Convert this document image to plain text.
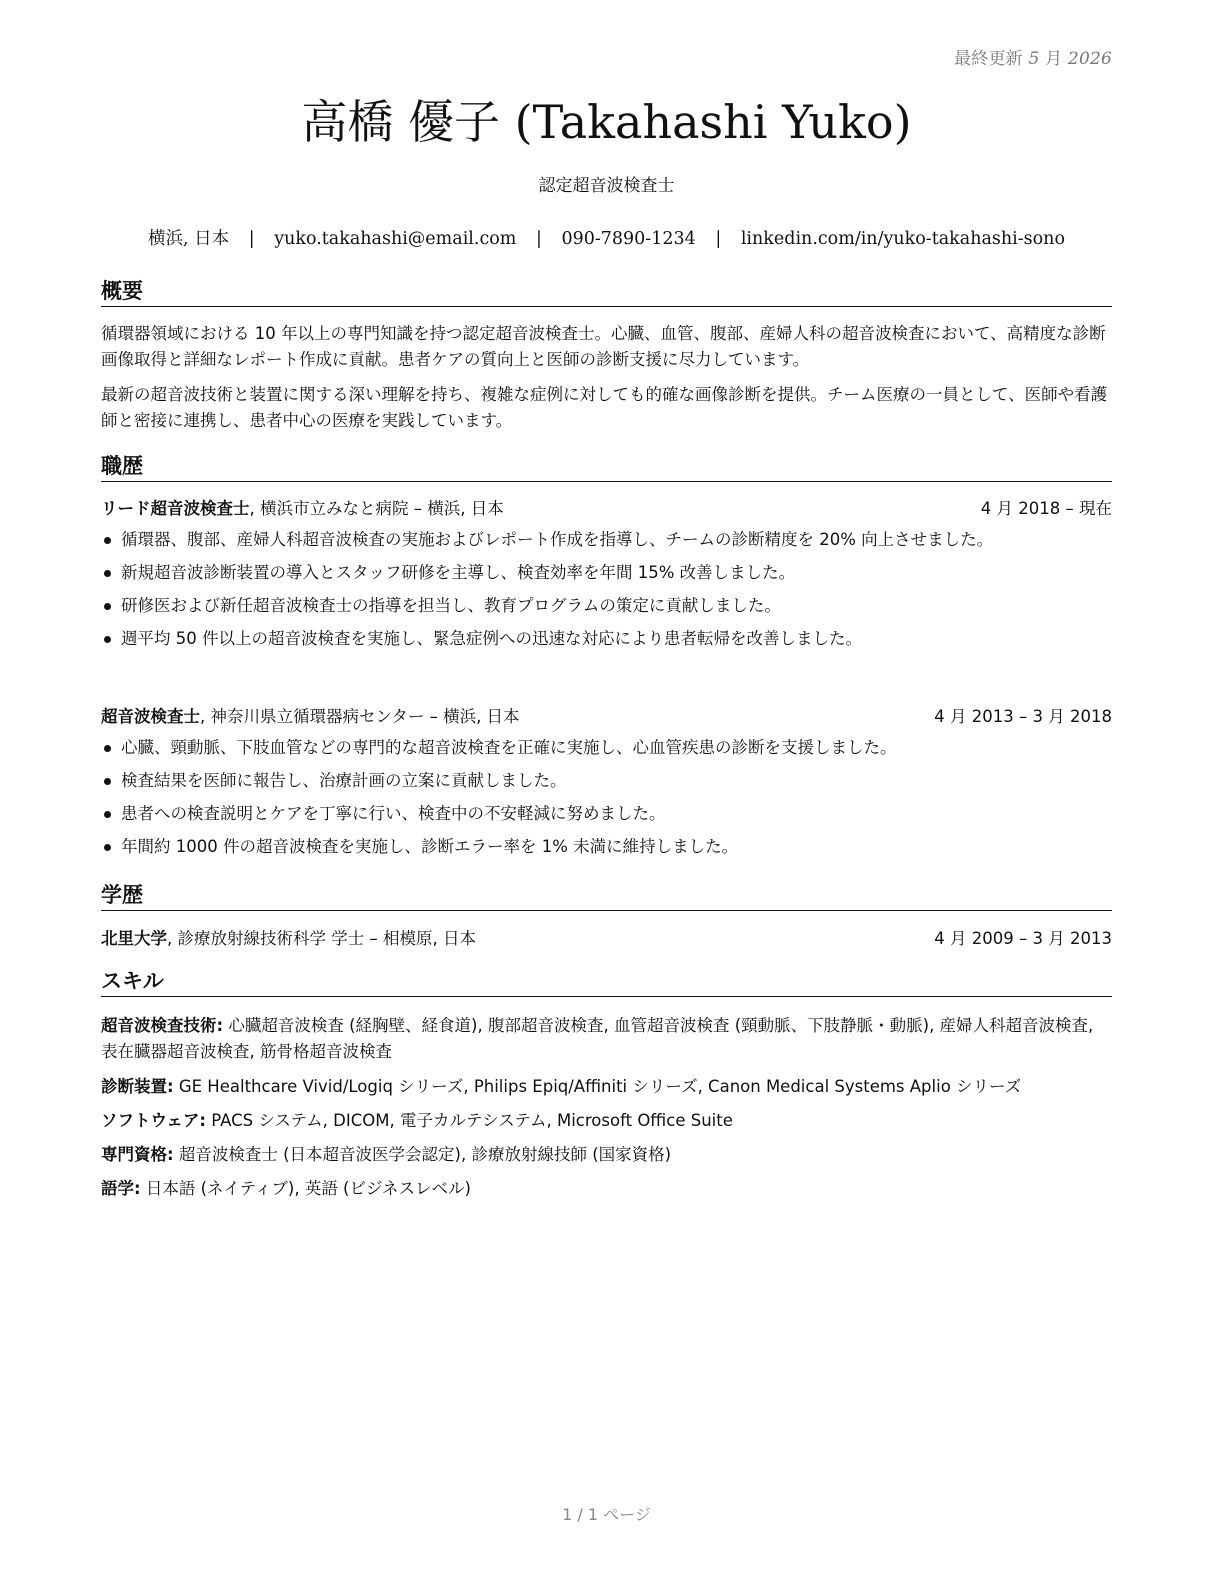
最終更新 5 月 2026
高橋 優子 (Takahashi Yuko)
認定超音波検査士
横浜, 日本 | yuko.takahashi@email.com | 090-7890-1234 | linkedin.com/in/yuko-takahashi-sono
概要
循環器領域における 10 年以上の専門知識を持つ認定超音波検査士。心臓、血管、腹部、産婦人科の超音波検査において、高精度な診断画像取得と詳細なレポート作成に貢献。患者ケアの質向上と医師の診断支援に尽力しています。
最新の超音波技術と装置に関する深い理解を持ち、複雑な症例に対しても的確な画像診断を提供。チーム医療の一員として、医師や看護師と密接に連携し、患者中心の医療を実践しています。
職歴
リード超音波検査士, 横浜市立みなと病院 – 横浜, 日本	4 月 2018 – 現在
循環器、腹部、産婦人科超音波検査の実施およびレポート作成を指導し、チームの診断精度を 20% 向上させました。
新規超音波診断装置の導入とスタッフ研修を主導し、検査効率を年間 15% 改善しました。
研修医および新任超音波検査士の指導を担当し、教育プログラムの策定に貢献しました。
週平均 50 件以上の超音波検査を実施し、緊急症例への迅速な対応により患者転帰を改善しました。
超音波検査士, 神奈川県立循環器病センター – 横浜, 日本	4 月 2013 – 3 月 2018
心臓、頸動脈、下肢血管などの専門的な超音波検査を正確に実施し、心血管疾患の診断を支援しました。
検査結果を医師に報告し、治療計画の立案に貢献しました。
患者への検査説明とケアを丁寧に行い、検査中の不安軽減に努めました。
年間約 1000 件の超音波検査を実施し、診断エラー率を 1% 未満に維持しました。
学歴
北里大学, 診療放射線技術科学 学士 – 相模原, 日本	4 月 2009 – 3 月 2013
スキル
超音波検査技術: 心臓超音波検査 (経胸壁、経食道), 腹部超音波検査, 血管超音波検査 (頸動脈、下肢静脈・動脈), 産婦人科超音波検査, 表在臓器超音波検査, 筋骨格超音波検査
診断装置: GE Healthcare Vivid/Logiq シリーズ, Philips Epiq/Affiniti シリーズ, Canon Medical Systems Aplio シリーズ
ソフトウェア: PACS システム, DICOM, 電子カルテシステム, Microsoft Office Suite
専門資格: 超音波検査士 (日本超音波医学会認定), 診療放射線技師 (国家資格)
語学: 日本語 (ネイティブ), 英語 (ビジネスレベル)
1 / 1 ページ
